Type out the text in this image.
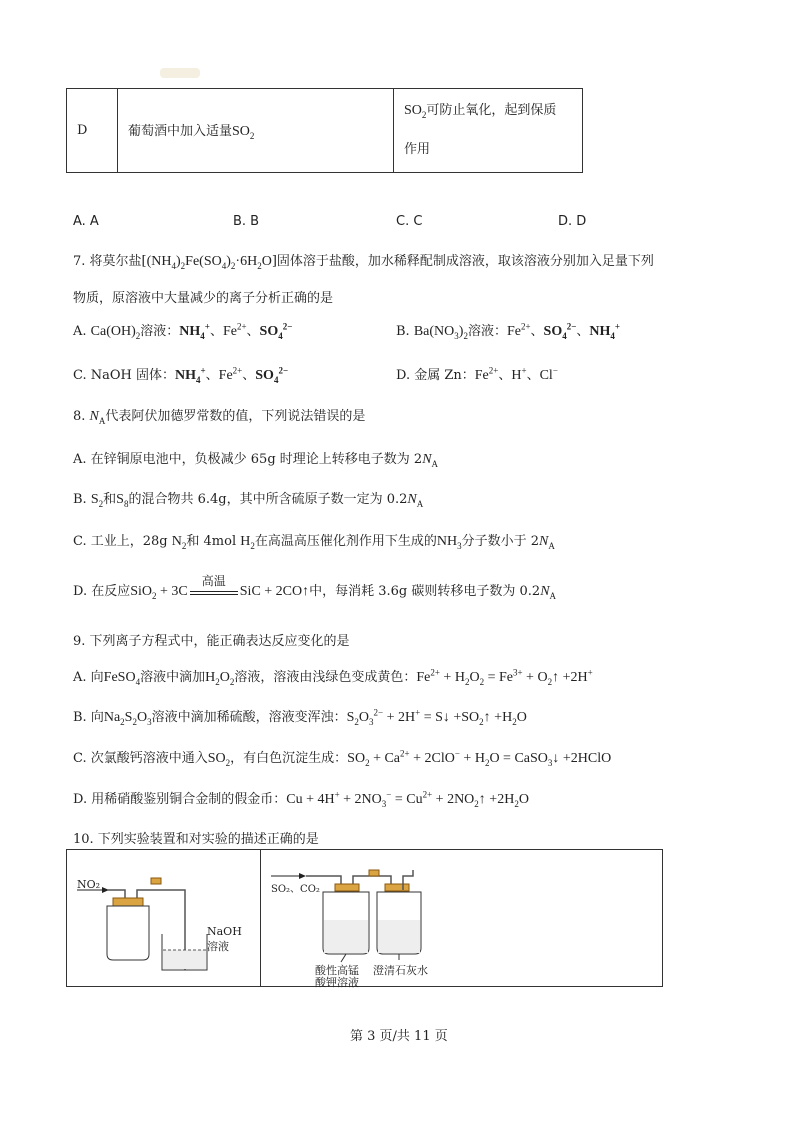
D	葡萄酒中加入适量$SO_2$	
$SO_2$可防止氧化，起到保质
作用
A. A	B. B	C. C	D. D
7. 将莫尔盐$[(NH_4)_2Fe(SO_4)_2\cdot 6H_2O]$固体溶于盐酸，加水稀释配制成溶液，取该溶液分别加入足量下列
物质，原溶液中大量减少的离子分析正确的是
A. $Ca(OH)_2$溶液：$NH_4^+$、$Fe^{2+}$、$SO_4^{2-}$	B. $Ba(NO_3)_2$溶液：$Fe^{2+}$、$SO_4^{2-}$、$NH_4^+$
C. NaOH 固体：$NH_4^+$、$Fe^{2+}$、$SO_4^{2-}$	D. 金属 Zn：$Fe^{2+}$、H+、Cl−
8. $N_A$代表阿伏加德罗常数的值，下列说法错误的是
A. 在锌铜原电池中，负极减少 65g 时理论上转移电子数为 $2N_A$
B. $S_2$和$S_8$的混合物共 6.4g，其中所含硫原子数一定为 $0.2N_A$
C. 工业上，28g $N_2$和 4mol $H_2$在高温高压催化剂作用下生成的$NH_3$分子数小于 $2N_A$
D. 在反应SiO$_2$ + 3C高温
SiC + 2CO↑中，每消耗 3.6g 碳则转移电子数为 $0.2N_A$
9. 下列离子方程式中，能正确表达反应变化的是
A. 向FeSO$_4$溶液中滴加$H_2O_2$溶液，溶液由浅绿色变成黄色：$Fe^{2+} + H_2O_2 = Fe^{3+}$ + $O_2↑ +2H^+$
B. 向$Na_2S_2O_3$溶液中滴加稀硫酸，溶液变浑浊：$S_2O_3^{2-} + 2H^+$ = S↓ $+SO_2↑ +H_2O$
C. 次氯酸钙溶液中通入$SO_2$，有白色沉淀生成：$SO_2 + Ca^{2+} + 2ClO^- + H_2O$ = CaSO$_3$↓ +2HClO
D. 用稀硝酸鉴别铜合金制的假金币：$Cu + 4H^+ + 2NO_3^- = Cu^{2+}$ + $2NO_2↑ +2H_2O$
10. 下列实验装置和对实验的描述正确的是
NO₂
NaOH
溶液
SO₂、CO₂
酸性高锰
酸钾溶液
澄清石灰水
第 3 页/共 11 页
